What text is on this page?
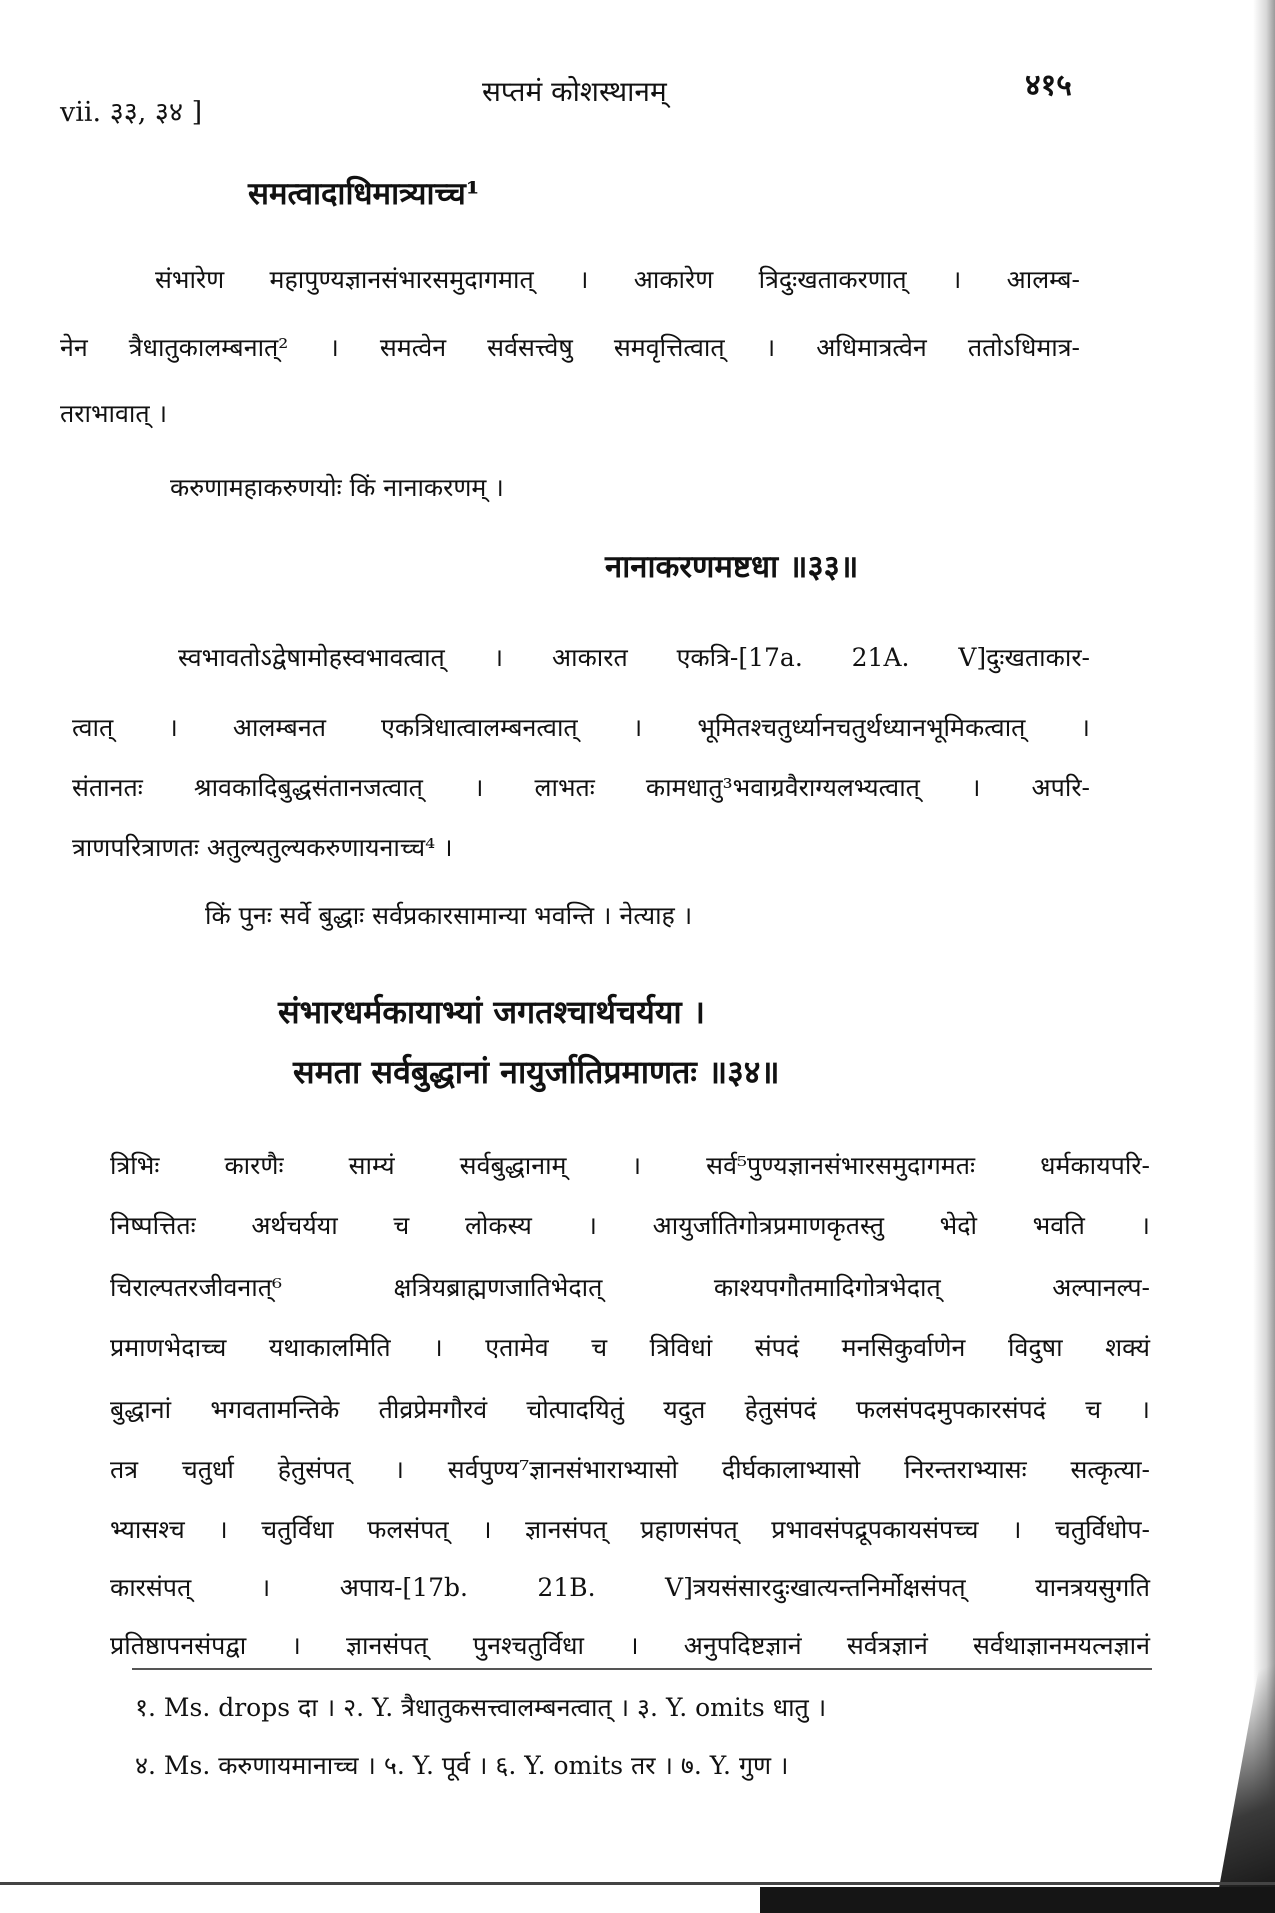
vii. ३३, ३४ ]
सप्तमं कोशस्थानम्	४१५
समत्वादाधिमात्र्याच्च¹
संभारेण महापुण्यज्ञानसंभारसमुदागमात् । आकारेण त्रिदुःखताकरणात् । आलम्ब-
नेन त्रैधातुकालम्बनात्² । समत्वेन सर्वसत्त्वेषु समवृत्तित्वात् । अधिमात्रत्वेन ततोऽधिमात्र-
तराभावात् ।
करुणामहाकरुणयोः किं नानाकरणम् ।
नानाकरणमष्टधा ॥३३॥
स्वभावतोऽद्वेषामोहस्वभावत्वात् । आकारत एकत्रि-[17a. 21A. V]दुःखताकार-
त्वात् । आलम्बनत एकत्रिधात्वालम्बनत्वात् । भूमितश्चतुर्ध्यानचतुर्थध्यानभूमिकत्वात् ।
संतानतः श्रावकादिबुद्धसंतानजत्वात् । लाभतः कामधातु³भवाग्रवैराग्यलभ्यत्वात् । अपरि-
त्राणपरित्राणतः अतुल्यतुल्यकरुणायनाच्च⁴ ।
किं पुनः सर्वे बुद्धाः सर्वप्रकारसामान्या भवन्ति । नेत्याह ।
संभारधर्मकायाभ्यां जगतश्चार्थचर्यया ।
समता सर्वबुद्धानां नायुर्जातिप्रमाणतः ॥३४॥
त्रिभिः कारणैः साम्यं सर्वबुद्धानाम् । सर्व⁵पुण्यज्ञानसंभारसमुदागमतः धर्मकायपरि-
निष्पत्तितः अर्थचर्यया च लोकस्य । आयुर्जातिगोत्रप्रमाणकृतस्तु भेदो भवति ।
चिराल्पतरजीवनात्⁶ क्षत्रियब्राह्मणजातिभेदात् काश्यपगौतमादिगोत्रभेदात् अल्पानल्प-
प्रमाणभेदाच्च यथाकालमिति । एतामेव च त्रिविधां संपदं मनसिकुर्वाणेन विदुषा शक्यं
बुद्धानां भगवतामन्तिके तीव्रप्रेमगौरवं चोत्पादयितुं यदुत हेतुसंपदं फलसंपदमुपकारसंपदं च ।
तत्र चतुर्धा हेतुसंपत् । सर्वपुण्य⁷ज्ञानसंभाराभ्यासो दीर्घकालाभ्यासो निरन्तराभ्यासः सत्कृत्या-
भ्यासश्च । चतुर्विधा फलसंपत् । ज्ञानसंपत् प्रहाणसंपत् प्रभावसंपद्रूपकायसंपच्च । चतुर्विधोप-
कारसंपत् । अपाय-[17b. 21B. V]त्रयसंसारदुःखात्यन्तनिर्मोक्षसंपत् यानत्रयसुगति
प्रतिष्ठापनसंपद्वा । ज्ञानसंपत् पुनश्चतुर्विधा । अनुपदिष्टज्ञानं सर्वत्रज्ञानं सर्वथाज्ञानमयत्नज्ञानं
१. Ms. drops दा । २. Y. त्रैधातुकसत्त्वालम्बनत्वात् । ३. Y. omits धातु ।
४. Ms. करुणायमानाच्च । ५. Y. पूर्व । ६. Y. omits तर । ७. Y. गुण ।
